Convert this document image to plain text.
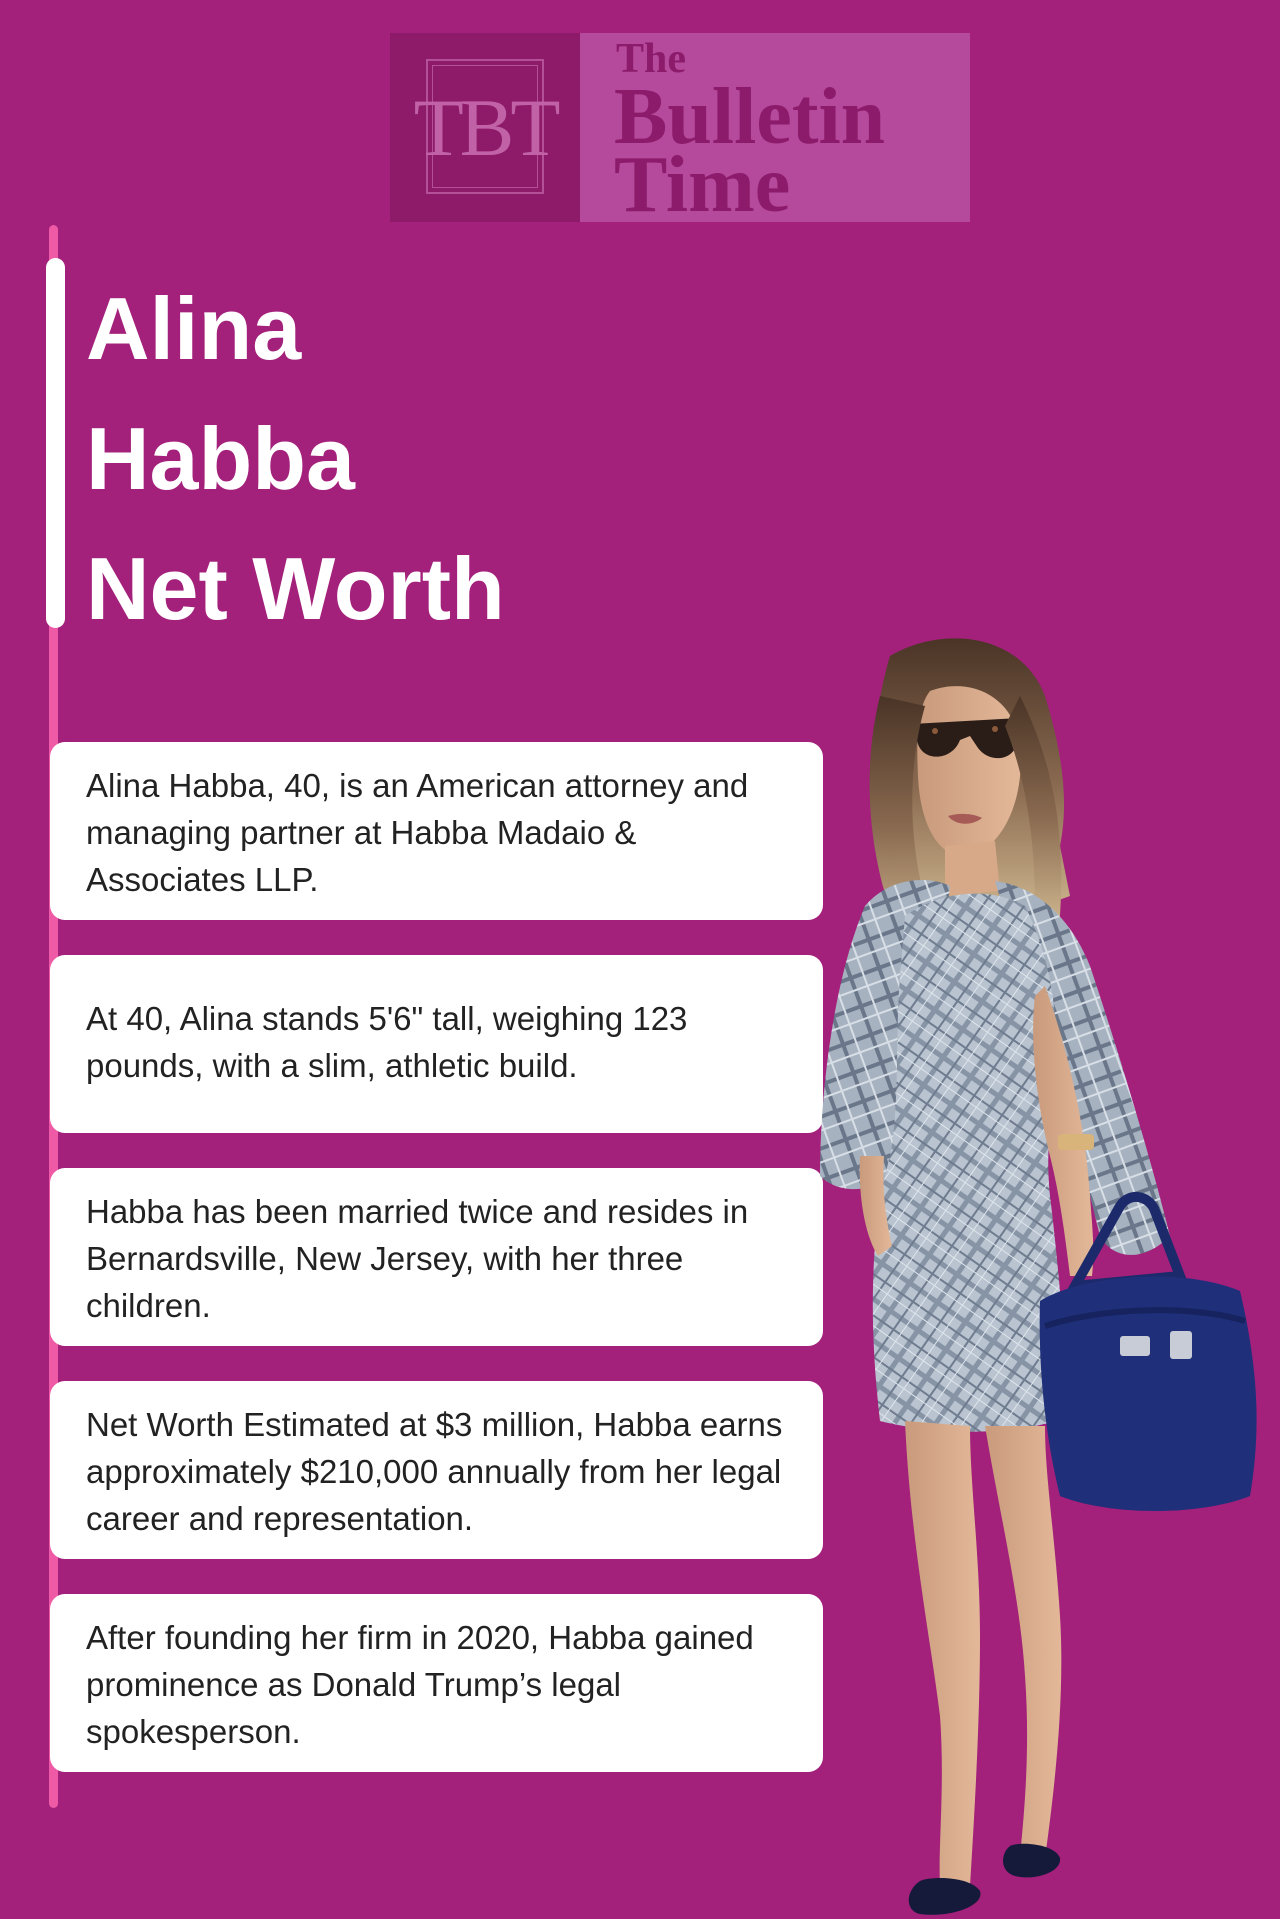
TBT
The
Bulletin
Time
Alina
Habba
Net Worth

Alina Habba, 40, is an American attorney and managing partner at Habba Madaio & Associates LLP.

At 40, Alina stands 5'6" tall, weighing 123 pounds, with a slim, athletic build.

Habba has been married twice and resides in Bernardsville, New Jersey, with her three children.

Net Worth Estimated at $3 million, Habba earns approximately $210,000 annually from her legal career and representation.

After founding her firm in 2020, Habba gained prominence as Donald Trump’s legal spokesperson.
